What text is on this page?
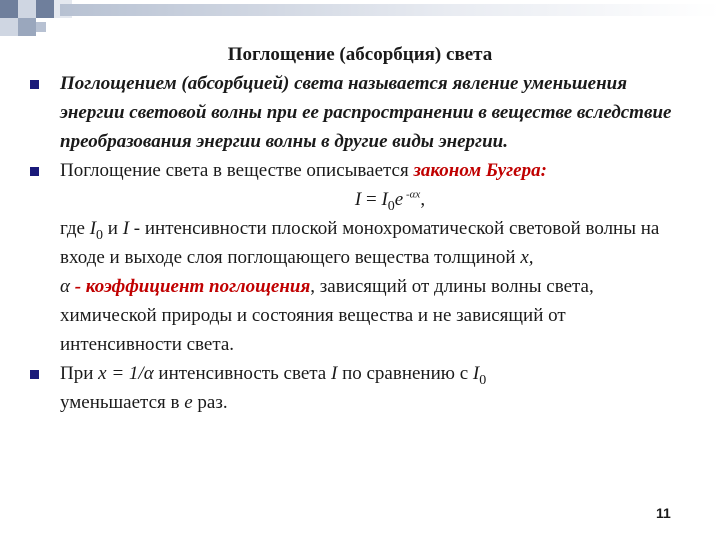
Поглощение (абсорбция) света
Поглощением (абсорбцией) света называется явление уменьшения энергии световой волны при ее распространении в веществе вследствие преобразования энергии волны в другие виды энергии.
Поглощение света в веществе описывается законом Бугера:
$I = I_0e$ $^{-\alpha x}$,
где $I_0$ и I - интенсивности плоской монохроматической световой волны на входе и выходе слоя поглощающего вещества толщиной x,
α - коэффициент поглощения, зависящий от длины волны света, химической природы и состояния вещества и не зависящий от интенсивности света.
При x = 1/α интенсивность света I по сравнению с $I_0$
уменьшается в e раз.
11
